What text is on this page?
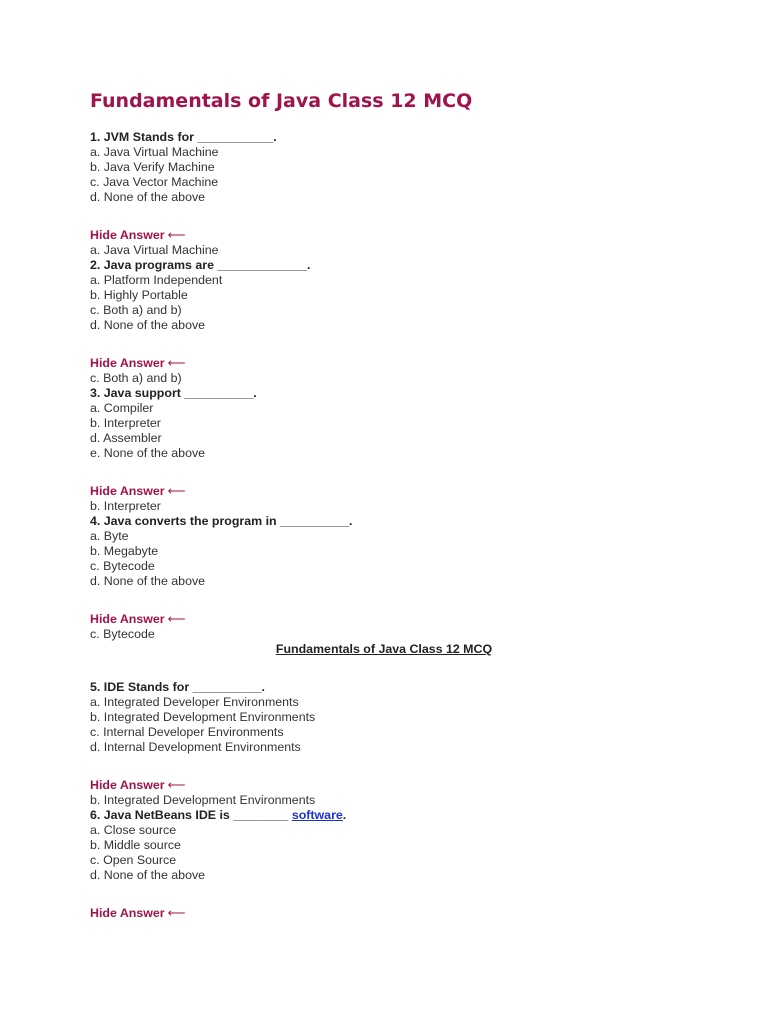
Fundamentals of Java Class 12 MCQ
1. JVM Stands for ___________.
a. Java Virtual Machine
b. Java Verify Machine
c. Java Vector Machine
d. None of the above
Hide Answer ⟵
a. Java Virtual Machine
2. Java programs are _____________.
a. Platform Independent
b. Highly Portable
c. Both a) and b)
d. None of the above
Hide Answer ⟵
c. Both a) and b)
3. Java support __________.
a. Compiler
b. Interpreter
d. Assembler
e. None of the above
Hide Answer ⟵
b. Interpreter
4. Java converts the program in __________.
a. Byte
b. Megabyte
c. Bytecode
d. None of the above
Hide Answer ⟵
c. Bytecode
Fundamentals of Java Class 12 MCQ
5. IDE Stands for __________.
a. Integrated Developer Environments
b. Integrated Development Environments
c. Internal Developer Environments
d. Internal Development Environments
Hide Answer ⟵
b. Integrated Development Environments
6. Java NetBeans IDE is ________ software.
a. Close source
b. Middle source
c. Open Source
d. None of the above
Hide Answer ⟵
